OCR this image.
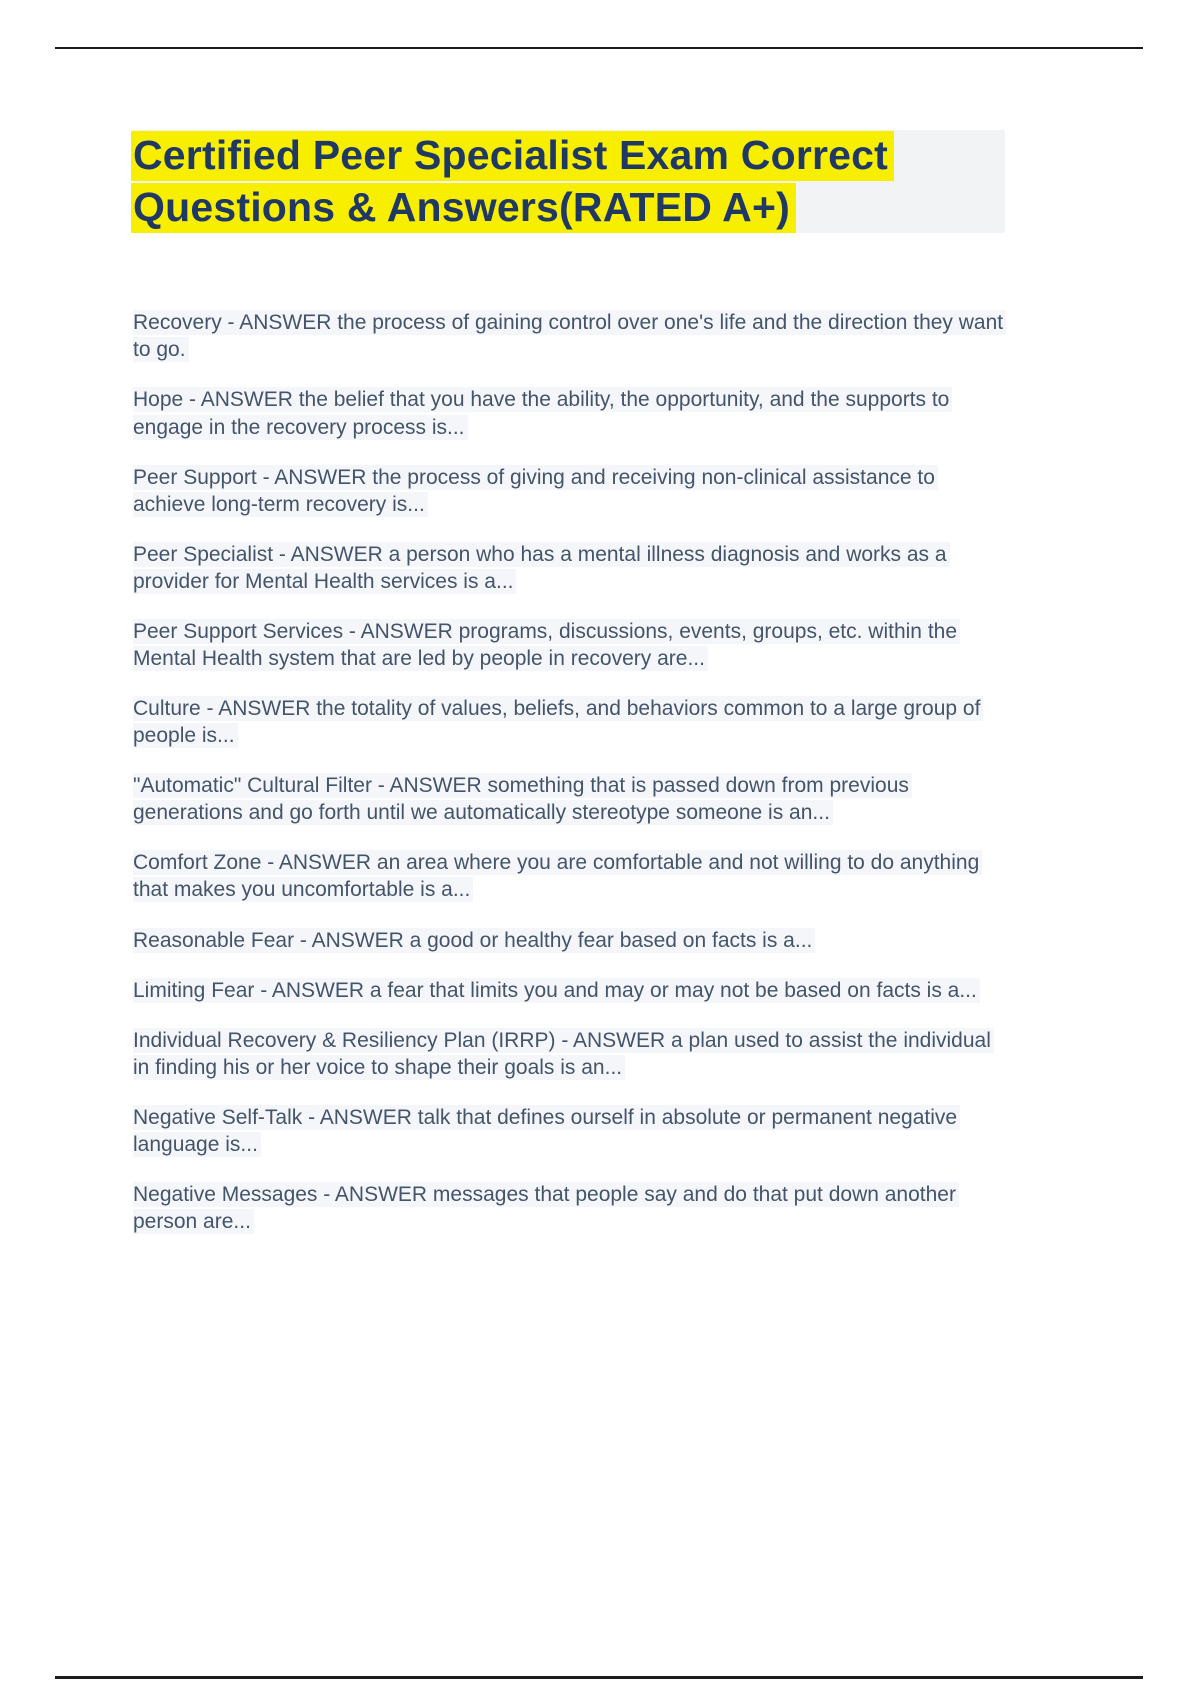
Certified Peer Specialist Exam Correct
Questions & Answers(RATED A+)

Recovery - ANSWER the process of gaining control over one's life and the direction they want to go.

Hope - ANSWER the belief that you have the ability, the opportunity, and the supports to engage in the recovery process is...

Peer Support - ANSWER the process of giving and receiving non-clinical assistance to achieve long-term recovery is...

Peer Specialist - ANSWER a person who has a mental illness diagnosis and works as a provider for Mental Health services is a...

Peer Support Services - ANSWER programs, discussions, events, groups, etc. within the Mental Health system that are led by people in recovery are...

Culture - ANSWER the totality of values, beliefs, and behaviors common to a large group of people is...

"Automatic" Cultural Filter - ANSWER something that is passed down from previous generations and go forth until we automatically stereotype someone is an...

Comfort Zone - ANSWER an area where you are comfortable and not willing to do anything that makes you uncomfortable is a...

Reasonable Fear - ANSWER a good or healthy fear based on facts is a...

Limiting Fear - ANSWER a fear that limits you and may or may not be based on facts is a...

Individual Recovery & Resiliency Plan (IRRP) - ANSWER a plan used to assist the individual in finding his or her voice to shape their goals is an...

Negative Self-Talk - ANSWER talk that defines ourself in absolute or permanent negative language is...

Negative Messages - ANSWER messages that people say and do that put down another person are...
